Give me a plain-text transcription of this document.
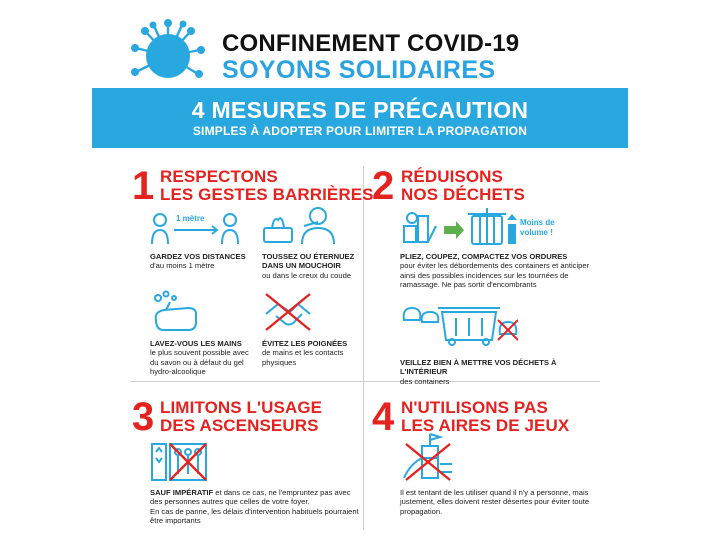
CONFINEMENT COVID-19
SOYONS SOLIDAIRES
4 MESURES DE PRÉCAUTION
SIMPLES À ADOPTER POUR LIMITER LA PROPAGATION
1 RESPECTONS
LES GESTES BARRIÈRES
1 mètre
GARDEZ VOS DISTANCES
d'au moins 1 mètre
TOUSSEZ OU ÉTERNUEZ DANS UN MOUCHOIR
ou dans le creux du coude
LAVEZ-VOUS LES MAINS
le plus souvent possible avec du savon ou à défaut du gel hydro-alcoolique
ÉVITEZ LES POIGNÉES
de mains et les contacts physiques
2 RÉDUISONS
NOS DÉCHETS
Moins de volume !
PLIEZ, COUPEZ, COMPACTEZ VOS ORDURES
pour éviter les débordements des containers et anticiper ainsi des possibles incidences sur les tournées de ramassage. Ne pas sortir d'encombrants
VEILLEZ BIEN À METTRE VOS DÉCHETS À L'INTÉRIEUR
des containers
3 LIMITONS L'USAGE
DES ASCENSEURS
SAUF IMPÉRATIF et dans ce cas, ne l'empruntez pas avec des personnes autres que celles de votre foyer.
En cas de panne, les délais d'intervention habituels pourraient être importants
4 N'UTILISONS PAS
LES AIRES DE JEUX
Il est tentant de les utiliser quand il n'y a personne, mais justement, elles doivent rester désertes pour éviter toute propagation.
